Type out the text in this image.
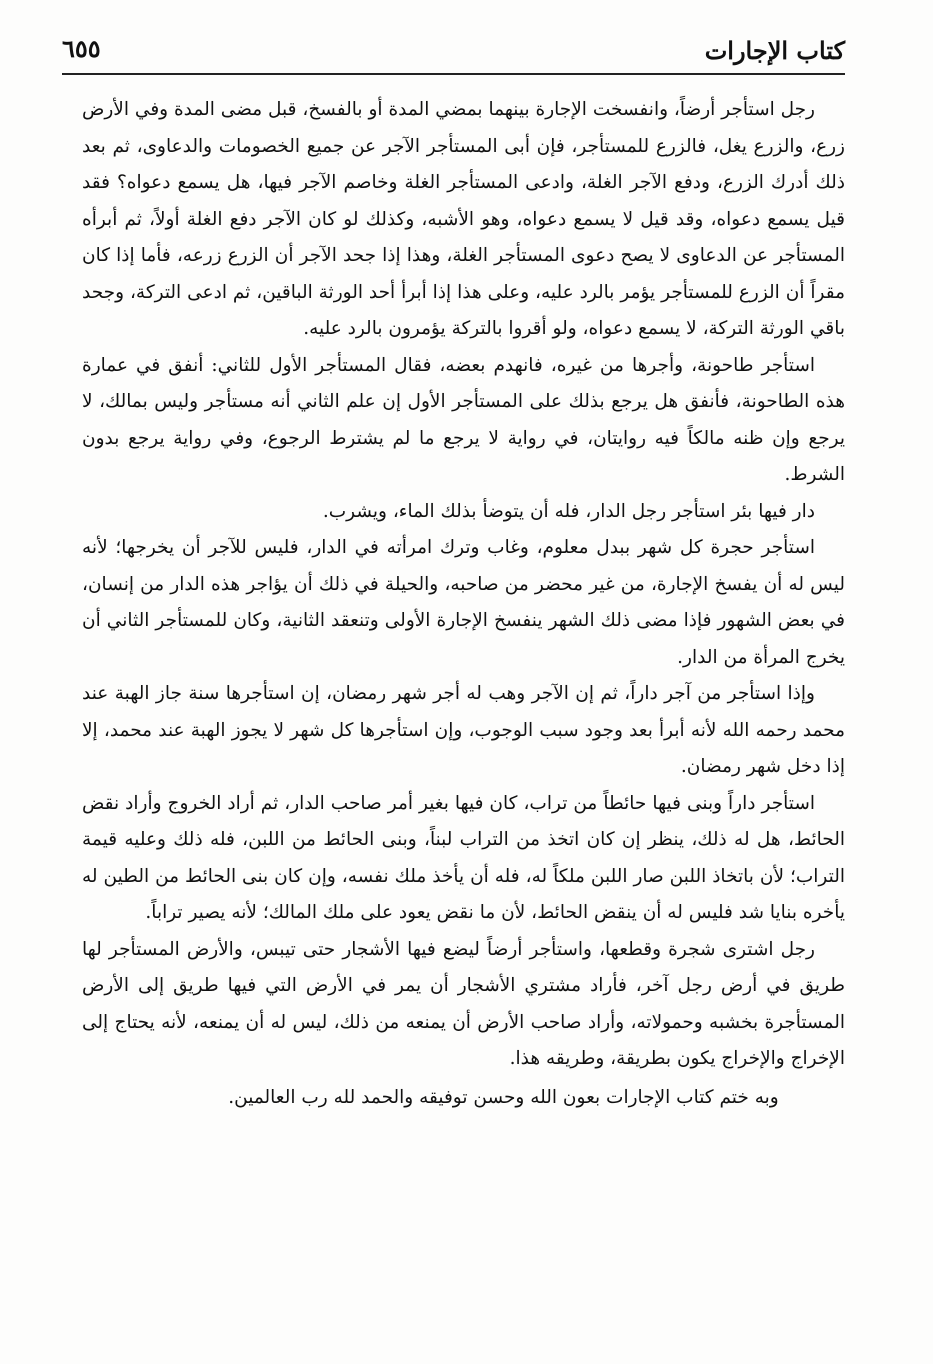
كتاب الإجارات
٦٥٥

رجل استأجر أرضاً، وانفسخت الإجارة بينهما بمضي المدة أو بالفسخ، قبل مضى المدة وفي الأرض زرع، والزرع يغل، فالزرع للمستأجر، فإن أبى المستأجر الآجر عن جميع الخصومات والدعاوى، ثم بعد ذلك أدرك الزرع، ودفع الآجر الغلة، وادعى المستأجر الغلة وخاصم الآجر فيها، هل يسمع دعواه؟ فقد قيل يسمع دعواه، وقد قيل لا يسمع دعواه، وهو الأشبه، وكذلك لو كان الآجر دفع الغلة أولاً، ثم أبرأه المستأجر عن الدعاوى لا يصح دعوى المستأجر الغلة، وهذا إذا جحد الآجر أن الزرع زرعه، فأما إذا كان مقراً أن الزرع للمستأجر يؤمر بالرد عليه، وعلى هذا إذا أبرأ أحد الورثة الباقين، ثم ادعى التركة، وجحد باقي الورثة التركة، لا يسمع دعواه، ولو أقروا بالتركة يؤمرون بالرد عليه.

استأجر طاحونة، وأجرها من غيره، فانهدم بعضه، فقال المستأجر الأول للثاني: أنفق في عمارة هذه الطاحونة، فأنفق هل يرجع بذلك على المستأجر الأول إن علم الثاني أنه مستأجر وليس بمالك، لا يرجع وإن ظنه مالكاً فيه روايتان، في رواية لا يرجع ما لم يشترط الرجوع، وفي رواية يرجع بدون الشرط.

دار فيها بئر استأجر رجل الدار، فله أن يتوضأ بذلك الماء، ويشرب.

استأجر حجرة كل شهر ببدل معلوم، وغاب وترك امرأته في الدار، فليس للآجر أن يخرجها؛ لأنه ليس له أن يفسخ الإجارة، من غير محضر من صاحبه، والحيلة في ذلك أن يؤاجر هذه الدار من إنسان، في بعض الشهور فإذا مضى ذلك الشهر ينفسخ الإجارة الأولى وتنعقد الثانية، وكان للمستأجر الثاني أن يخرج المرأة من الدار.

وإذا استأجر من آجر داراً، ثم إن الآجر وهب له أجر شهر رمضان، إن استأجرها سنة جاز الهبة عند محمد رحمه الله لأنه أبرأ بعد وجود سبب الوجوب، وإن استأجرها كل شهر لا يجوز الهبة عند محمد، إلا إذا دخل شهر رمضان.

استأجر داراً وبنى فيها حائطاً من تراب، كان فيها بغير أمر صاحب الدار، ثم أراد الخروج وأراد نقض الحائط، هل له ذلك، ينظر إن كان اتخذ من التراب لبناً، وبنى الحائط من اللبن، فله ذلك وعليه قيمة التراب؛ لأن باتخاذ اللبن صار اللبن ملكاً له، فله أن يأخذ ملك نفسه، وإن كان بنى الحائط من الطين له يأخره بنايا شد فليس له أن ينقض الحائط، لأن ما نقض يعود على ملك المالك؛ لأنه يصير تراباً.

رجل اشترى شجرة وقطعها، واستأجر أرضاً ليضع فيها الأشجار حتى تيبس، والأرض المستأجر لها طريق في أرض رجل آخر، فأراد مشتري الأشجار أن يمر في الأرض التي فيها طريق إلى الأرض المستأجرة بخشبه وحمولاته، وأراد صاحب الأرض أن يمنعه من ذلك، ليس له أن يمنعه، لأنه يحتاج إلى الإخراج والإخراج يكون بطريقة، وطريقه هذا.

وبه ختم كتاب الإجارات بعون الله وحسن توفيقه والحمد لله رب العالمين.
